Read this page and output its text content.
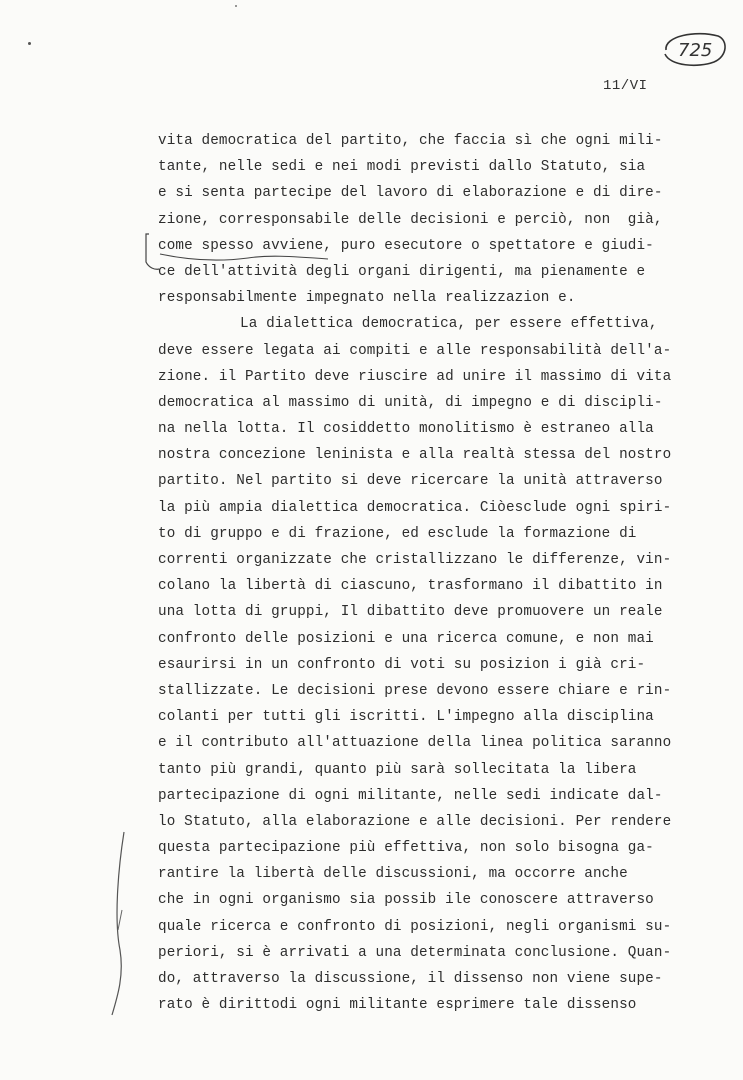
725
11/VI
vita democratica del partito, che faccia sì che ogni mili-
tante, nelle sedi e nei modi previsti dallo Statuto, sia
e si senta partecipe del lavoro di elaborazione e di dire-
zione, corresponsabile delle decisioni e perciò, non  già,
come spesso avviene, puro esecutore o spettatore e giudi-
ce dell'attività degli organi dirigenti, ma pienamente e
responsabilmente impegnato nella realizzazion e.
La dialettica democratica, per essere effettiva,
deve essere legata ai compiti e alle responsabilità dell'a-
zione. il Partito deve riuscire ad unire il massimo di vita
democratica al massimo di unità, di impegno e di discipli-
na nella lotta. Il cosiddetto monolitismo è estraneo alla
nostra concezione leninista e alla realtà stessa del nostro
partito. Nel partito si deve ricercare la unità attraverso
la più ampia dialettica democratica. Ciòesclude ogni spiri-
to di gruppo e di frazione, ed esclude la formazione di
correnti organizzate che cristallizzano le differenze, vin-
colano la libertà di ciascuno, trasformano il dibattito in
una lotta di gruppi, Il dibattito deve promuovere un reale
confronto delle posizioni e una ricerca comune, e non mai
esaurirsi in un confronto di voti su posizion i già cri-
stallizzate. Le decisioni prese devono essere chiare e rin-
colanti per tutti gli iscritti. L'impegno alla disciplina
e il contributo all'attuazione della linea politica saranno
tanto più grandi, quanto più sarà sollecitata la libera
partecipazione di ogni militante, nelle sedi indicate dal-
lo Statuto, alla elaborazione e alle decisioni. Per rendere
questa partecipazione più effettiva, non solo bisogna ga-
rantire la libertà delle discussioni, ma occorre anche
che in ogni organismo sia possib ile conoscere attraverso
quale ricerca e confronto di posizioni, negli organismi su-
periori, si è arrivati a una determinata conclusione. Quan-
do, attraverso la discussione, il dissenso non viene supe-
rato è dirittodi ogni militante esprimere tale dissenso
